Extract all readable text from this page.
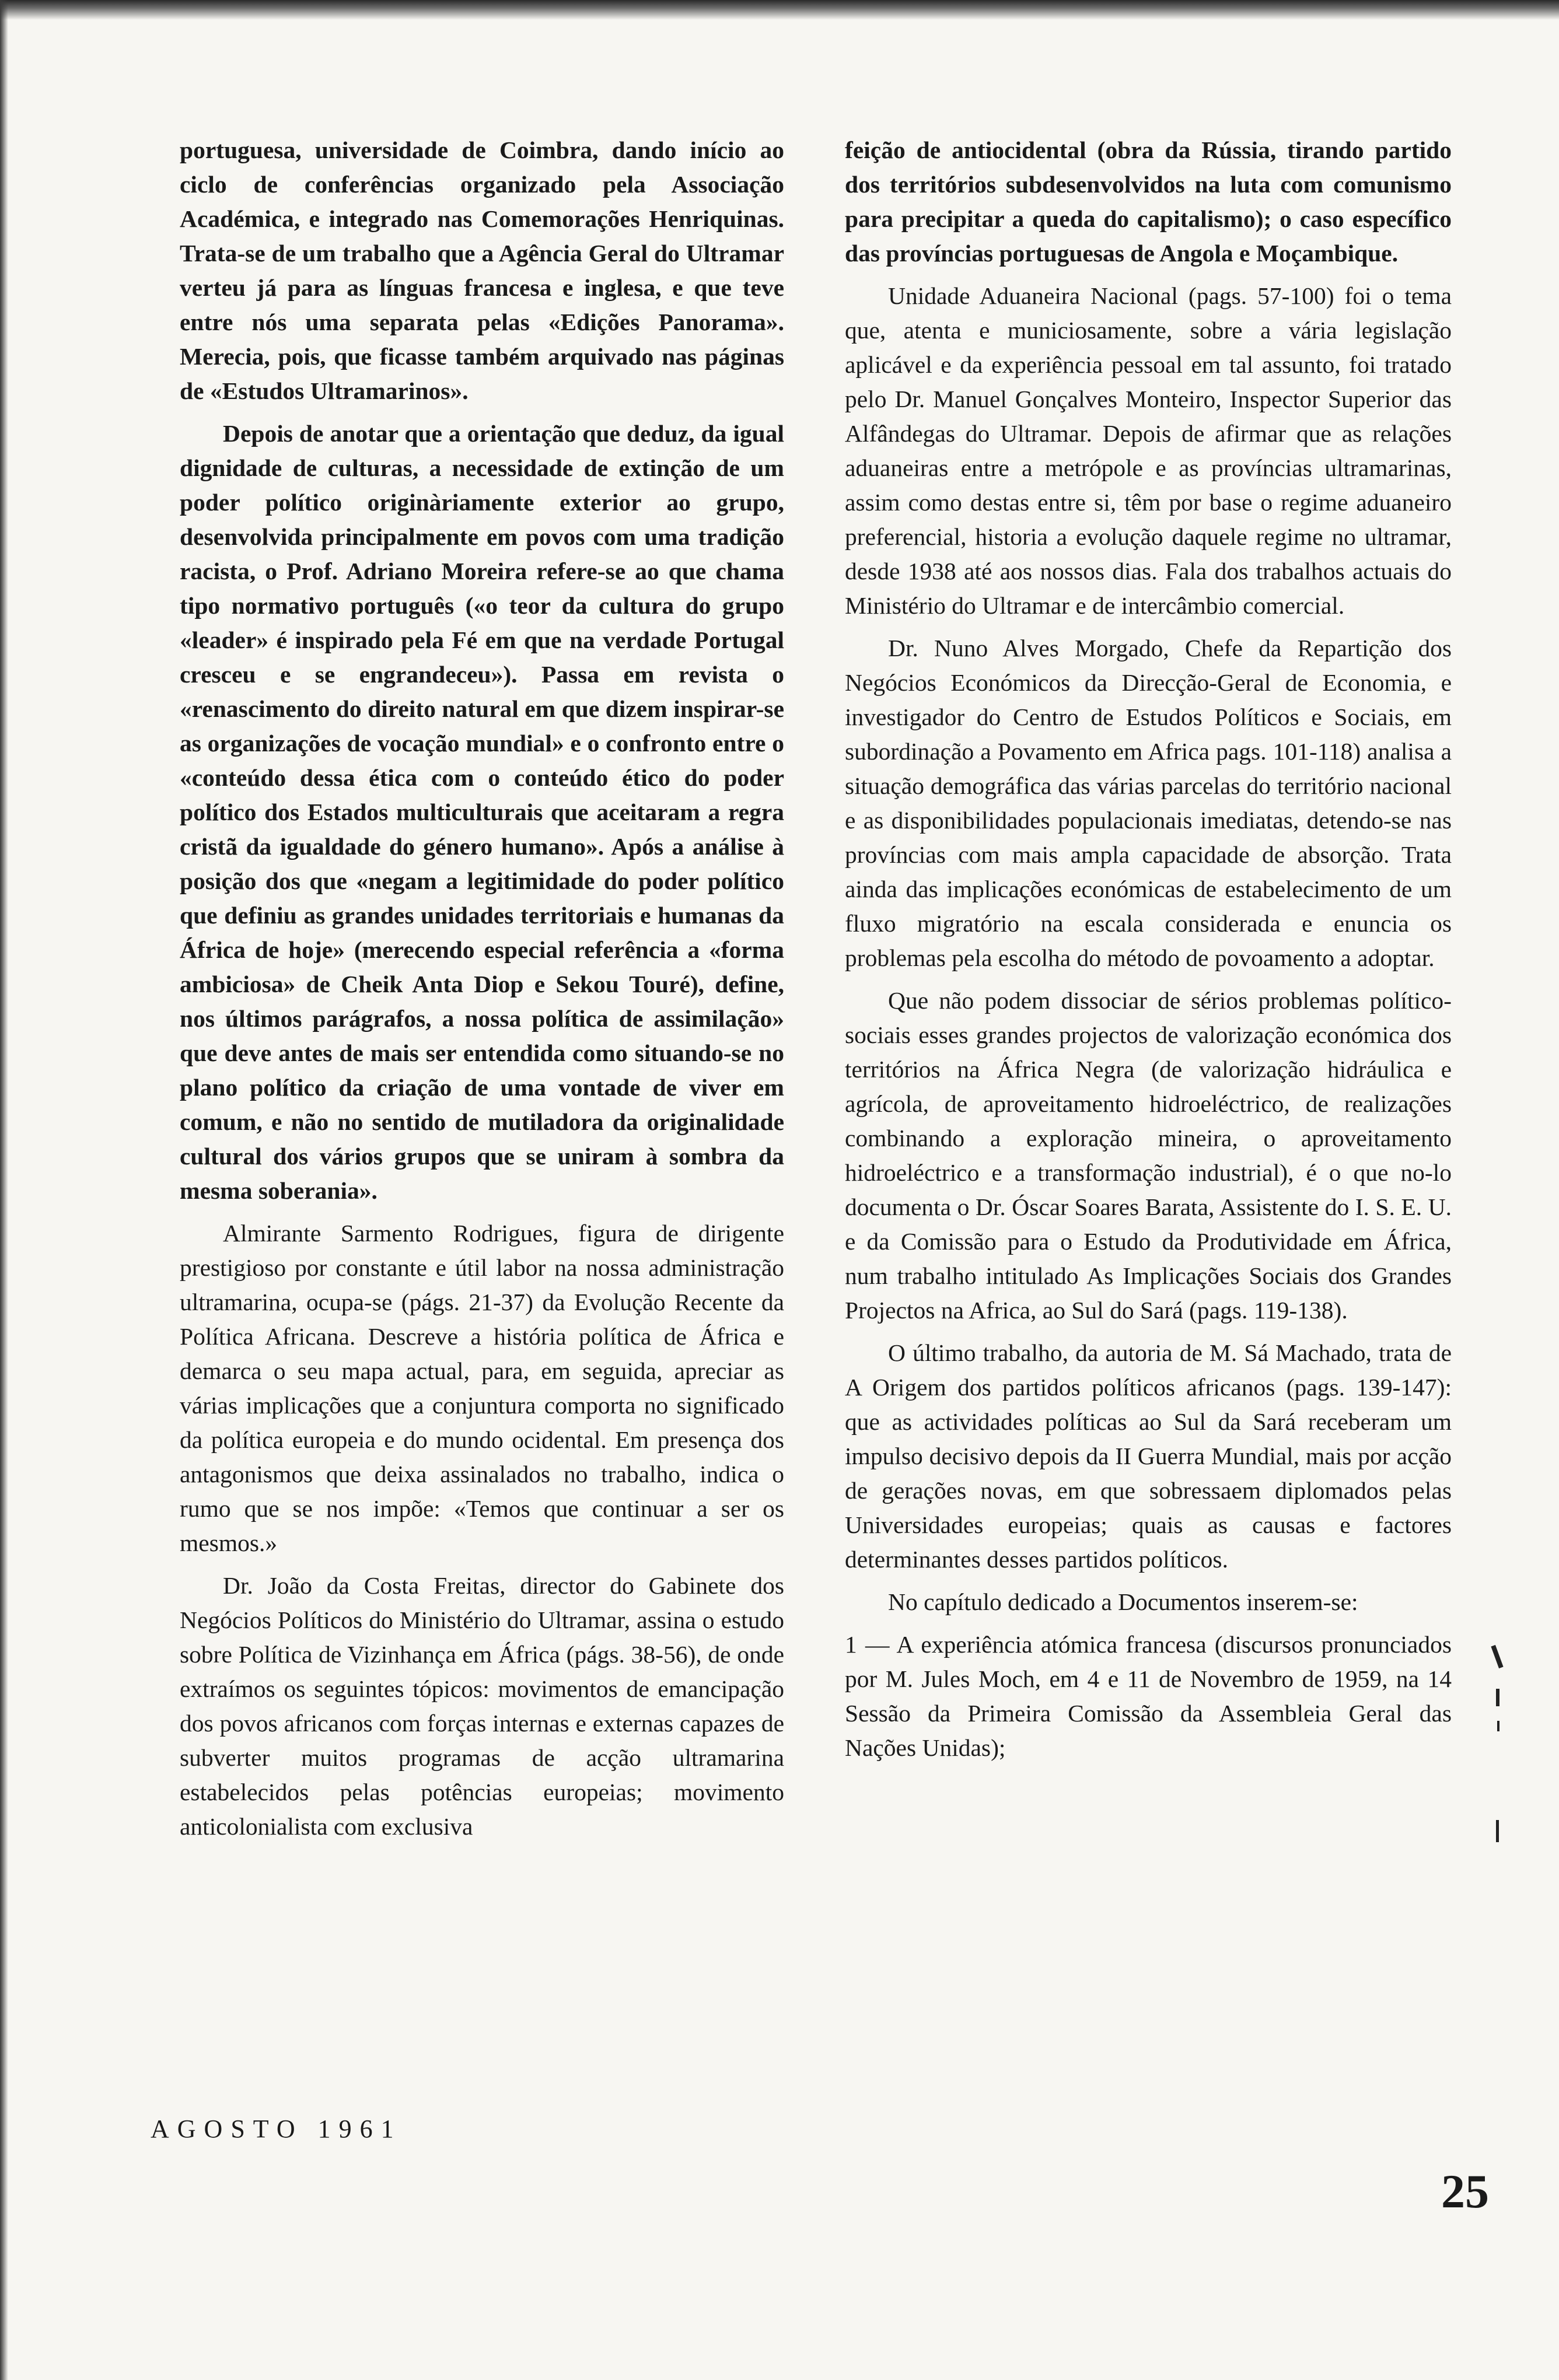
portuguesa, universidade de Coimbra, dando início ao ciclo de conferências organizado pela Associação Académica, e integrado nas Comemorações Henriquinas. Trata-se de um trabalho que a Agência Geral do Ultramar verteu já para as línguas francesa e inglesa, e que teve entre nós uma separata pelas «Edições Panorama». Merecia, pois, que ficasse também arquivado nas páginas de «Estudos Ultramarinos».

Depois de anotar que a orientação que deduz, da igual dignidade de culturas, a necessidade de extinção de um poder político originàriamente exterior ao grupo, desenvolvida principalmente em povos com uma tradição racista, o Prof. Adriano Moreira refere-se ao que chama tipo normativo português («o teor da cultura do grupo «leader» é inspirado pela Fé em que na verdade Portugal cresceu e se engrandeceu»). Passa em revista o «renascimento do direito natural em que dizem inspirar-se as organizações de vocação mundial» e o confronto entre o «conteúdo dessa ética com o conteúdo ético do poder político dos Estados multiculturais que aceitaram a regra cristã da igualdade do género humano». Após a análise à posição dos que «negam a legitimidade do poder político que definiu as grandes unidades territoriais e humanas da África de hoje» (merecendo especial referência a «forma ambiciosa» de Cheik Anta Diop e Sekou Touré), define, nos últimos parágrafos, a nossa política de assimilação» que deve antes de mais ser entendida como situando-se no plano político da criação de uma vontade de viver em comum, e não no sentido de mutiladora da originalidade cultural dos vários grupos que se uniram à sombra da mesma soberania».

Almirante Sarmento Rodrigues, figura de dirigente prestigioso por constante e útil labor na nossa administração ultramarina, ocupa-se (págs. 21-37) da Evolução Recente da Política Africana. Descreve a história política de África e demarca o seu mapa actual, para, em seguida, apreciar as várias implicações que a conjuntura comporta no significado da política europeia e do mundo ocidental. Em presença dos antagonismos que deixa assinalados no trabalho, indica o rumo que se nos impõe: «Temos que continuar a ser os mesmos.»

Dr. João da Costa Freitas, director do Gabinete dos Negócios Políticos do Ministério do Ultramar, assina o estudo sobre Política de Vizinhança em África (págs. 38-56), de onde extraímos os seguintes tópicos: movimentos de emancipação dos povos africanos com forças internas e externas capazes de subverter muitos programas de acção ultramarina estabelecidos pelas potências europeias; movimento anticolonialista com exclusiva

feição de antiocidental (obra da Rússia, tirando partido dos territórios subdesenvolvidos na luta com comunismo para precipitar a queda do capitalismo); o caso específico das províncias portuguesas de Angola e Moçambique.

Unidade Aduaneira Nacional (pags. 57-100) foi o tema que, atenta e municiosamente, sobre a vária legislação aplicável e da experiência pessoal em tal assunto, foi tratado pelo Dr. Manuel Gonçalves Monteiro, Inspector Superior das Alfândegas do Ultramar. Depois de afirmar que as relações aduaneiras entre a metrópole e as províncias ultramarinas, assim como destas entre si, têm por base o regime aduaneiro preferencial, historia a evolução daquele regime no ultramar, desde 1938 até aos nossos dias. Fala dos trabalhos actuais do Ministério do Ultramar e de intercâmbio comercial.

Dr. Nuno Alves Morgado, Chefe da Repartição dos Negócios Económicos da Direcção-Geral de Economia, e investigador do Centro de Estudos Políticos e Sociais, em subordinação a Povamento em Africa pags. 101-118) analisa a situação demográfica das várias parcelas do território nacional e as disponibilidades populacionais imediatas, detendo-se nas províncias com mais ampla capacidade de absorção. Trata ainda das implicações económicas de estabelecimento de um fluxo migratório na escala considerada e enuncia os problemas pela escolha do método de povoamento a adoptar.

Que não podem dissociar de sérios problemas político-sociais esses grandes projectos de valorização económica dos territórios na África Negra (de valorização hidráulica e agrícola, de aproveitamento hidroeléctrico, de realizações combinando a exploração mineira, o aproveitamento hidroeléctrico e a transformação industrial), é o que no-lo documenta o Dr. Óscar Soares Barata, Assistente do I. S. E. U. e da Comissão para o Estudo da Produtividade em África, num trabalho intitulado As Implicações Sociais dos Grandes Projectos na Africa, ao Sul do Sará (pags. 119-138).

O último trabalho, da autoria de M. Sá Machado, trata de A Origem dos partidos políticos africanos (pags. 139-147): que as actividades políticas ao Sul da Sará receberam um impulso decisivo depois da II Guerra Mundial, mais por acção de gerações novas, em que sobressaem diplomados pelas Universidades europeias; quais as causas e factores determinantes desses partidos políticos.

No capítulo dedicado a Documentos inserem-se:

1 — A experiência atómica francesa (discursos pronunciados por M. Jules Moch, em 4 e 11 de Novembro de 1959, na 14 Sessão da Primeira Comissão da Assembleia Geral das Nações Unidas);

AGOSTO 1961
25
